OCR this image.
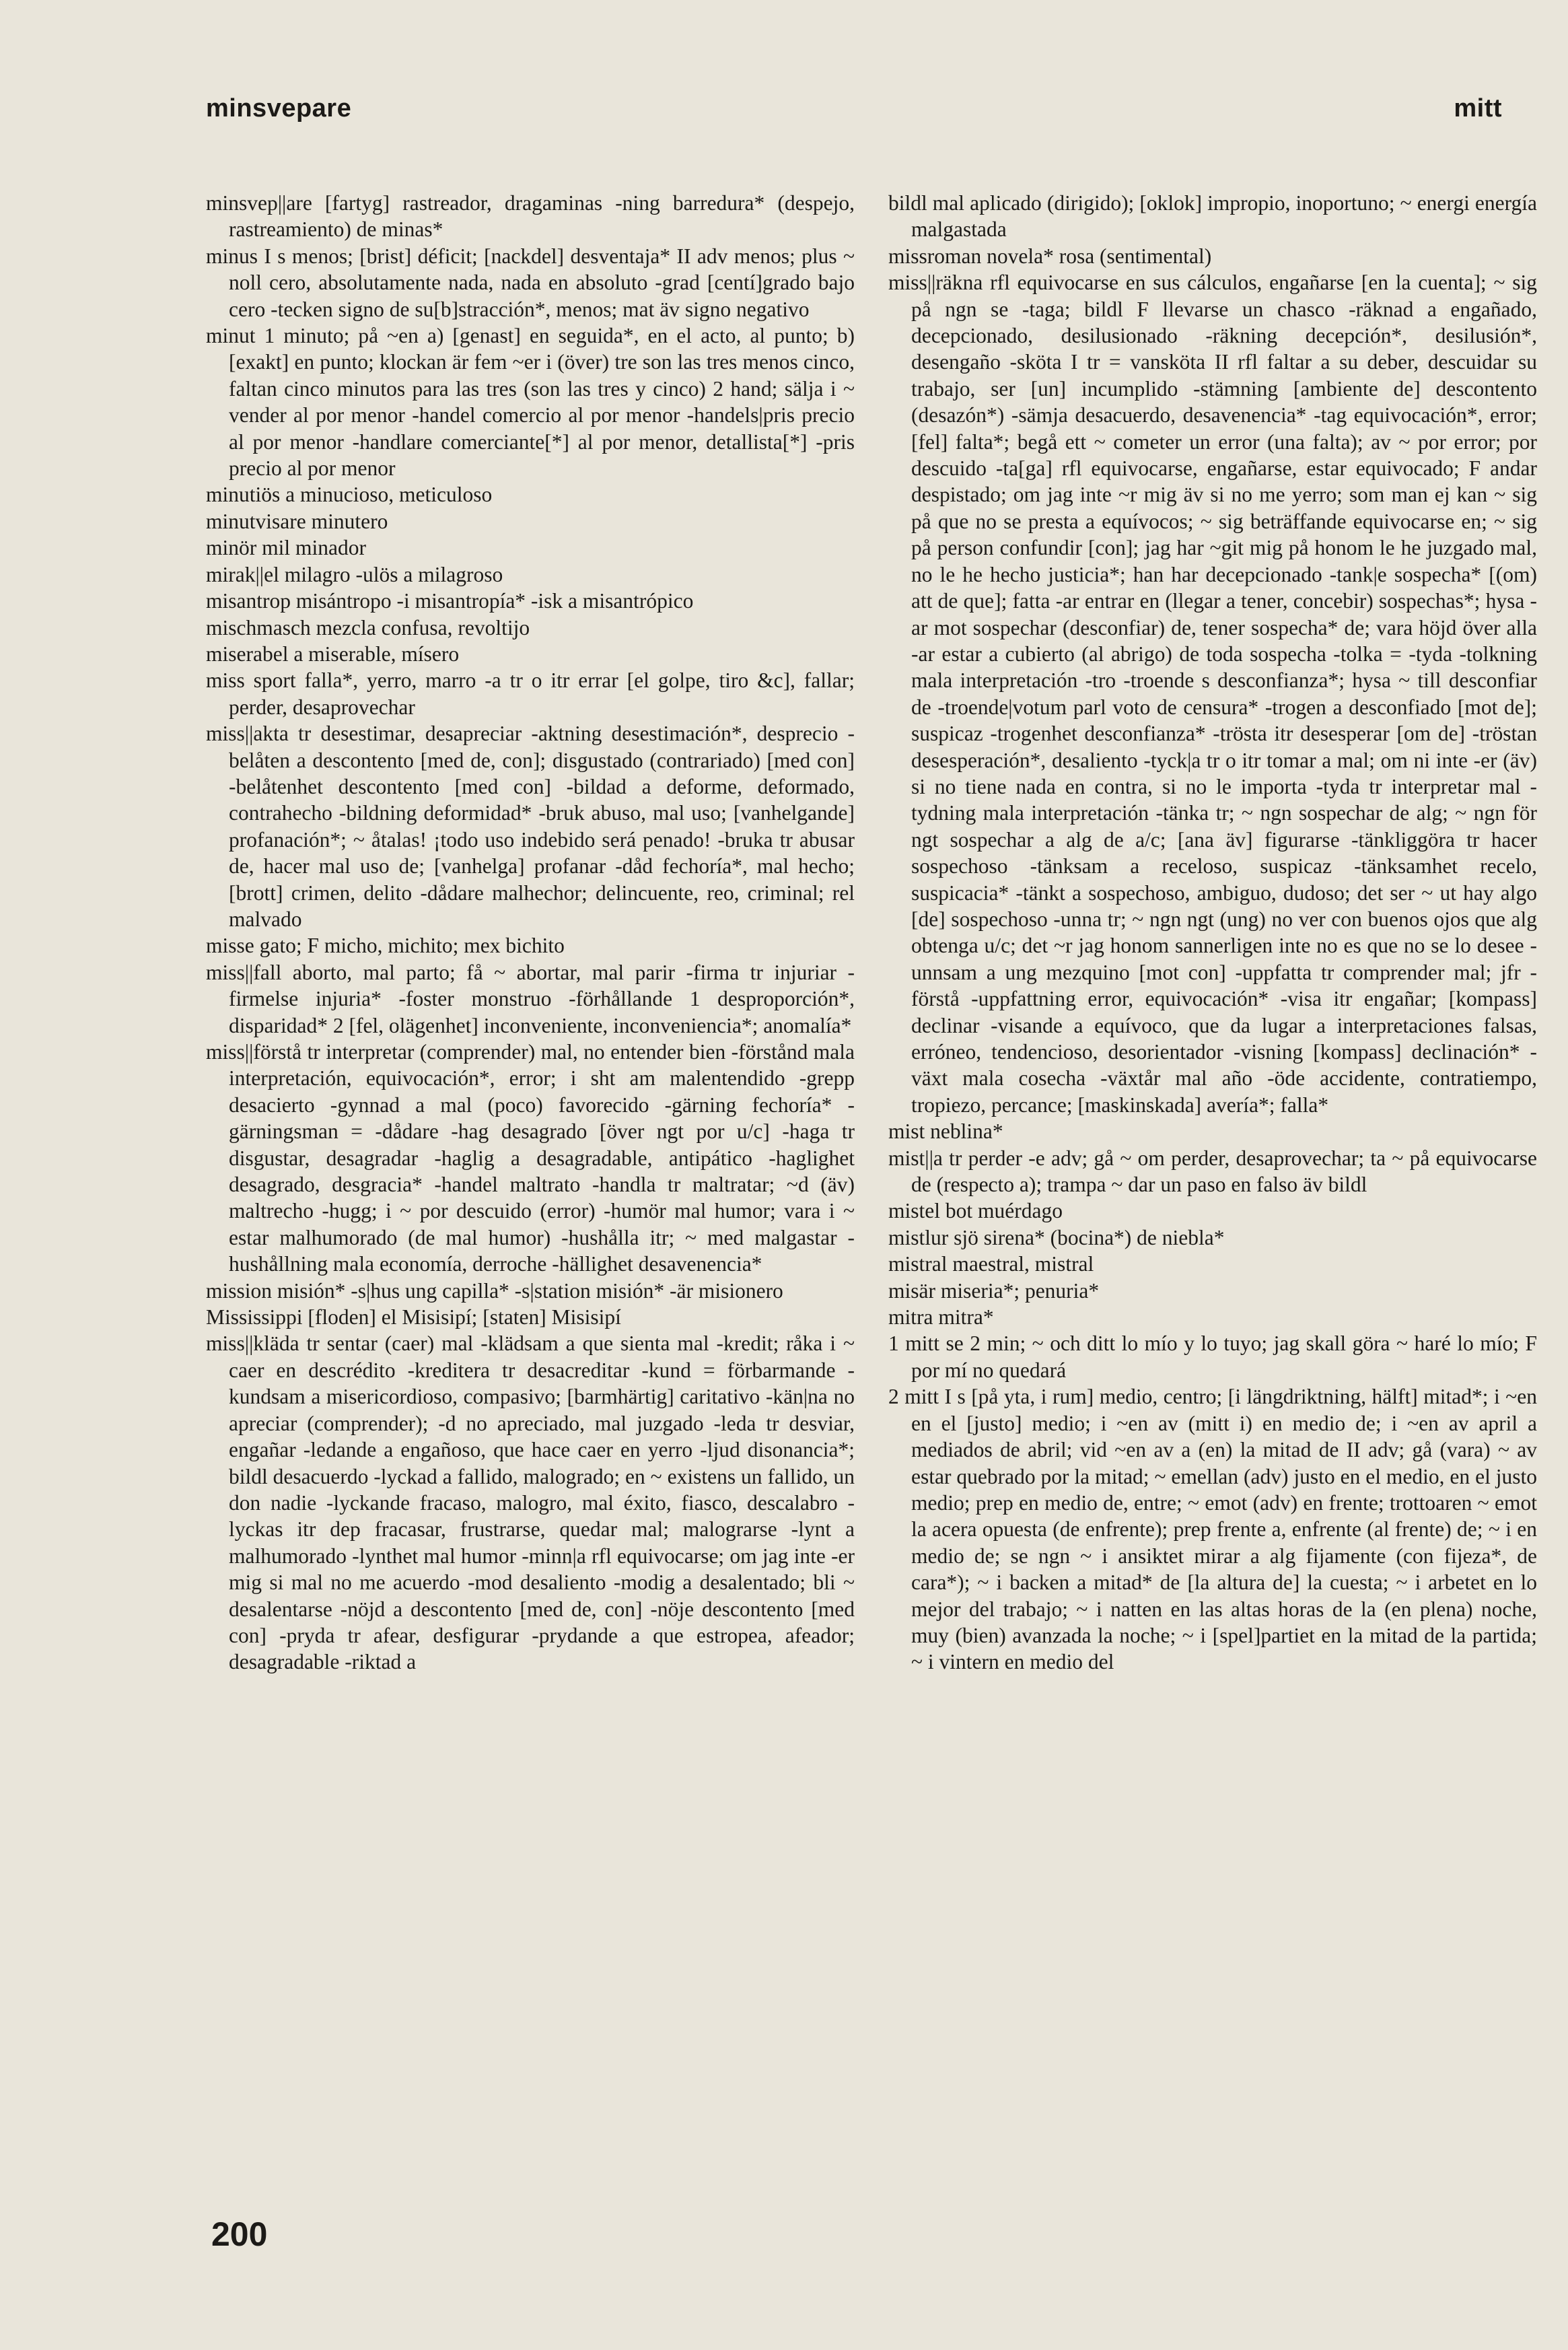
minsvepare	mitt

minsvep||are [fartyg] rastreador, dragaminas -ning barredura* (despejo, rastreamiento) de minas*

minus I s menos; [brist] déficit; [nackdel] desventaja* II adv menos; plus ~ noll cero, absolutamente nada, nada en absoluto -grad [centí]grado bajo cero -tecken signo de su[b]stracción*, menos; mat äv signo negativo

minut 1 minuto; på ~en a) [genast] en seguida*, en el acto, al punto; b) [exakt] en punto; klockan är fem ~er i (över) tre son las tres menos cinco, faltan cinco minutos para las tres (son las tres y cinco) 2 hand; sälja i ~ vender al por menor -handel comercio al por menor -handels|pris precio al por menor -handlare comerciante[*] al por menor, detallista[*] -pris precio al por menor

minutiös a minucioso, meticuloso

minutvisare minutero

minör mil minador

mirak||el milagro -ulös a milagroso

misantrop misántropo -i misantropía* -isk a misantrópico

mischmasch mezcla confusa, revoltijo

miserabel a miserable, mísero

miss sport falla*, yerro, marro -a tr o itr errar [el golpe, tiro &c], fallar; perder, desaprovechar

miss||akta tr desestimar, desapreciar -aktning desestimación*, desprecio -belåten a descontento [med de, con]; disgustado (contrariado) [med con] -belåtenhet descontento [med con] -bildad a deforme, deformado, contrahecho -bildning deformidad* -bruk abuso, mal uso; [vanhelgande] profanación*; ~ åtalas! ¡todo uso indebido será penado! -bruka tr abusar de, hacer mal uso de; [vanhelga] profanar -dåd fechoría*, mal hecho; [brott] crimen, delito -dådare malhechor; delincuente, reo, criminal; rel malvado

misse gato; F micho, michito; mex bichito

miss||fall aborto, mal parto; få ~ abortar, mal parir -firma tr injuriar -firmelse injuria* -foster monstruo -förhållande 1 desproporción*, disparidad* 2 [fel, olägenhet] inconveniente, inconveniencia*; anomalía*

miss||förstå tr interpretar (comprender) mal, no entender bien -förstånd mala interpretación, equivocación*, error; i sht am malentendido -grepp desacierto -gynnad a mal (poco) favorecido -gärning fechoría* -gärningsman = -dådare -hag desagrado [över ngt por u/c] -haga tr disgustar, desagradar -haglig a desagradable, antipático -haglighet desagrado, desgracia* -handel maltrato -handla tr maltratar; ~d (äv) maltrecho -hugg; i ~ por descuido (error) -humör mal humor; vara i ~ estar malhumorado (de mal humor) -hushålla itr; ~ med malgastar -hushållning mala economía, derroche -hällighet desavenencia*

mission misión* -s|hus ung capilla* -s|station misión* -är misionero

Mississippi [floden] el Misisipí; [staten] Misisipí

miss||kläda tr sentar (caer) mal -klädsam a que sienta mal -kredit; råka i ~ caer en descrédito -kreditera tr desacreditar -kund = förbarmande -kundsam a misericordioso, compasivo; [barmhärtig] caritativo -kän|na no apreciar (comprender); -d no apreciado, mal juzgado -leda tr desviar, engañar -ledande a engañoso, que hace caer en yerro -ljud disonancia*; bildl desacuerdo -lyckad a fallido, malogrado; en ~ existens un fallido, un don nadie -lyckande fracaso, malogro, mal éxito, fiasco, descalabro -lyckas itr dep fracasar, frustrarse, quedar mal; malograrse -lynt a malhumorado -lynthet mal humor -minn|a rfl equivocarse; om jag inte -er mig si mal no me acuerdo -mod desaliento -modig a desalentado; bli ~ desalentarse -nöjd a descontento [med de, con] -nöje descontento [med con] -pryda tr afear, desfigurar -prydande a que estropea, afeador; desagradable -riktad a

bildl mal aplicado (dirigido); [oklok] impropio, inoportuno; ~ energi energía malgastada

missroman novela* rosa (sentimental)

miss||räkna rfl equivocarse en sus cálculos, engañarse [en la cuenta]; ~ sig på ngn se -taga; bildl F llevarse un chasco -räknad a engañado, decepcionado, desilusionado -räkning decepción*, desilusión*, desengaño -sköta I tr = vansköta II rfl faltar a su deber, descuidar su trabajo, ser [un] incumplido -stämning [ambiente de] descontento (desazón*) -sämja desacuerdo, desavenencia* -tag equivocación*, error; [fel] falta*; begå ett ~ cometer un error (una falta); av ~ por error; por descuido -ta[ga] rfl equivocarse, engañarse, estar equivocado; F andar despistado; om jag inte ~r mig äv si no me yerro; som man ej kan ~ sig på que no se presta a equívocos; ~ sig beträffande equivocarse en; ~ sig på person confundir [con]; jag har ~git mig på honom le he juzgado mal, no le he hecho justicia*; han har decepcionado -tank|e sospecha* [(om) att de que]; fatta -ar entrar en (llegar a tener, concebir) sospechas*; hysa -ar mot sospechar (desconfiar) de, tener sospecha* de; vara höjd över alla -ar estar a cubierto (al abrigo) de toda sospecha -tolka = -tyda -tolkning mala interpretación -tro -troende s desconfianza*; hysa ~ till desconfiar de -troende|votum parl voto de censura* -trogen a desconfiado [mot de]; suspicaz -trogenhet desconfianza* -trösta itr desesperar [om de] -tröstan desesperación*, desaliento -tyck|a tr o itr tomar a mal; om ni inte -er (äv) si no tiene nada en contra, si no le importa -tyda tr interpretar mal -tydning mala interpretación -tänka tr; ~ ngn sospechar de alg; ~ ngn för ngt sospechar a alg de a/c; [ana äv] figurarse -tänkliggöra tr hacer sospechoso -tänksam a receloso, suspicaz -tänksamhet recelo, suspicacia* -tänkt a sospechoso, ambiguo, dudoso; det ser ~ ut hay algo [de] sospechoso -unna tr; ~ ngn ngt (ung) no ver con buenos ojos que alg obtenga u/c; det ~r jag honom sannerligen inte no es que no se lo desee -unnsam a ung mezquino [mot con] -uppfatta tr comprender mal; jfr -förstå -uppfattning error, equivocación* -visa itr engañar; [kompass] declinar -visande a equívoco, que da lugar a interpretaciones falsas, erróneo, tendencioso, desorientador -visning [kompass] declinación* -växt mala cosecha -växtår mal año -öde accidente, contratiempo, tropiezo, percance; [maskinskada] avería*; falla*

mist neblina*

mist||a tr perder -e adv; gå ~ om perder, desaprovechar; ta ~ på equivocarse de (respecto a); trampa ~ dar un paso en falso äv bildl

mistel bot muérdago

mistlur sjö sirena* (bocina*) de niebla*

mistral maestral, mistral

misär miseria*; penuria*

mitra mitra*

1 mitt se 2 min; ~ och ditt lo mío y lo tuyo; jag skall göra ~ haré lo mío; F por mí no quedará

2 mitt I s [på yta, i rum] medio, centro; [i längdriktning, hälft] mitad*; i ~en en el [justo] medio; i ~en av (mitt i) en medio de; i ~en av april a mediados de abril; vid ~en av a (en) la mitad de II adv; gå (vara) ~ av estar quebrado por la mitad; ~ emellan (adv) justo en el medio, en el justo medio; prep en medio de, entre; ~ emot (adv) en frente; trottoaren ~ emot la acera opuesta (de enfrente); prep frente a, enfrente (al frente) de; ~ i en medio de; se ngn ~ i ansiktet mirar a alg fijamente (con fijeza*, de cara*); ~ i backen a mitad* de [la altura de] la cuesta; ~ i arbetet en lo mejor del trabajo; ~ i natten en las altas horas de la (en plena) noche, muy (bien) avanzada la noche; ~ i [spel]partiet en la mitad de la partida; ~ i vintern en medio del

200
